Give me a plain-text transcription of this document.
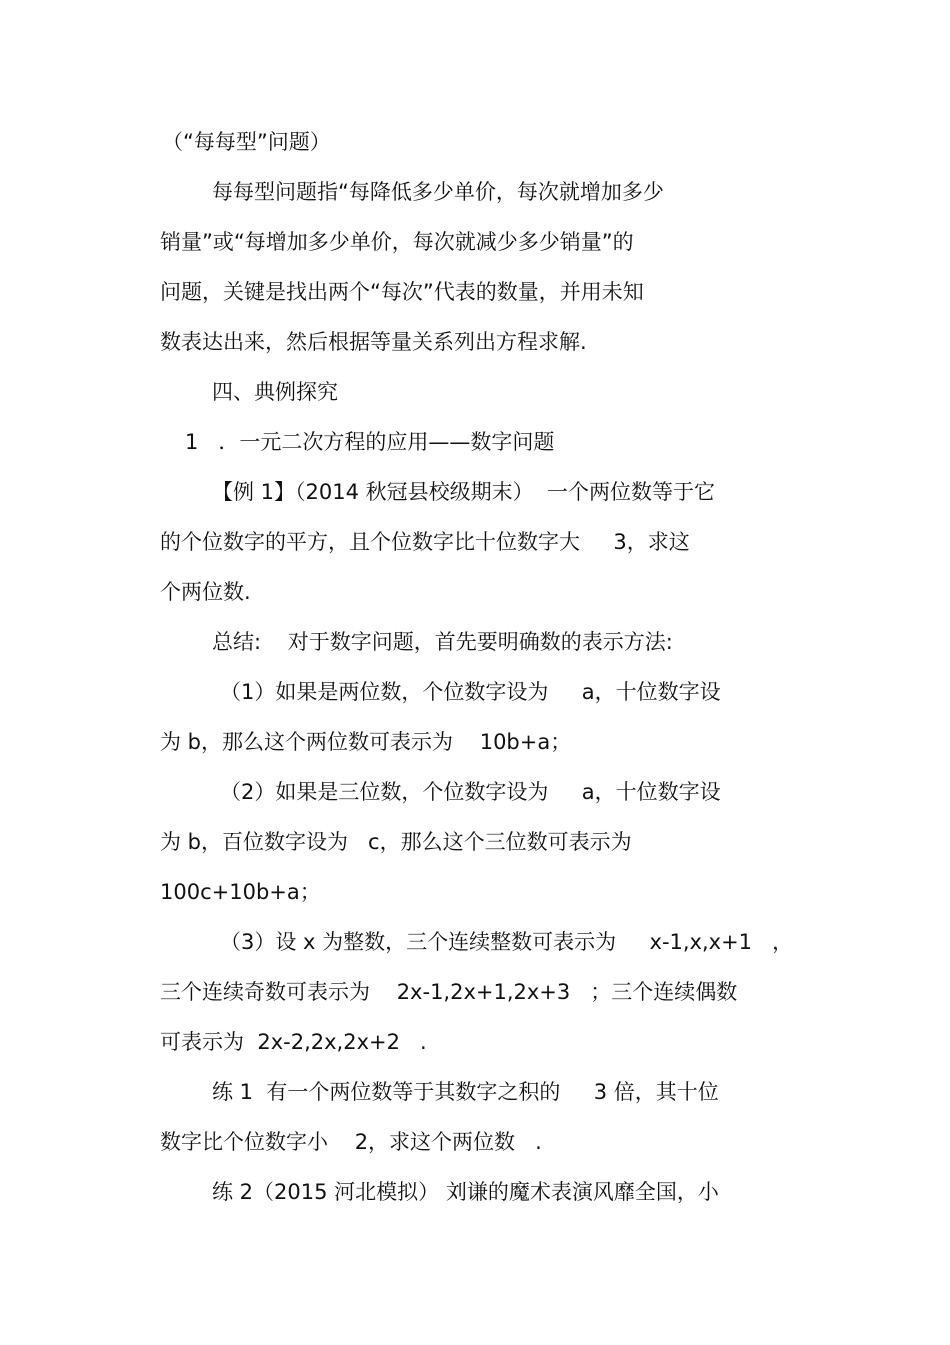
（“每每型”问题）

每每型问题指“每降低多少单价，每次就增加多少

销量”或“每增加多少单价，每次就减少多少销量”的

问题，关键是找出两个“每次”代表的数量，并用未知

数表达出来，然后根据等量关系列出方程求解.

四、典例探究

1   ．一元二次方程的应用——数字问题

【例 1】（2014 秋冠县校级期末）  一个两位数等于它

的个位数字的平方，且个位数字比十位数字大     3，求这

个两位数.

总结:    对于数字问题，首先要明确数的表示方法:

（1）如果是两位数，个位数字设为     a，十位数字设

为 b，那么这个两位数可表示为    10b+a；

（2）如果是三位数，个位数字设为     a，十位数字设

为 b，百位数字设为   c，那么这个三位数可表示为

100c+10b+a；

（3）设 x 为整数，三个连续整数可表示为     x-1,x,x+1   ，

三个连续奇数可表示为    2x-1,2x+1,2x+3   ；三个连续偶数

可表示为  2x-2,2x,2x+2   .

练 1  有一个两位数等于其数字之积的     3 倍，其十位

数字比个位数字小    2，求这个两位数   .

练 2（2015 河北模拟） 刘谦的魔术表演风靡全国，小
